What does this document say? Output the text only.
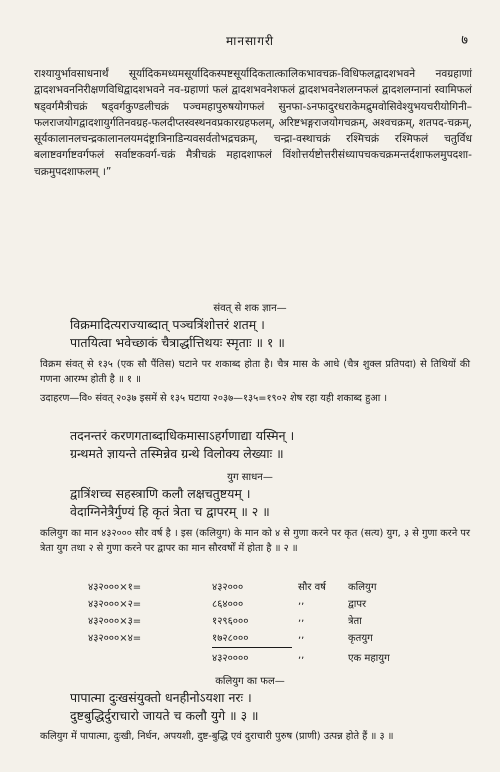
मानसागरी	७
राश्यायुर्भावसाधनार्थं सूर्यादिकमध्यमसूर्यादिकस्पष्टसूर्यादिकतात्कालिकभावचक्र-विधिफलद्वादशभवने नवग्रहाणां द्वादशभवननिरीक्षणविधिद्वादशभवने नव-ग्रहाणां फलं द्वादशभवनेशफलं द्वादशभवनेशलग्नफलं द्वादशलग्नानां स्वामिफलं षड्वर्गमैत्रीचक्रं षड्वर्गकुण्डलीचक्रं पञ्चमहापुरुषयोगफलं सुनफा-ऽनफादुरधराकेमद्रुमवोसिवेश्युभयचरीयोगिनी–फलराजयोगद्वादशायुर्गतिनवग्रह-फलदीप्तस्वस्थनवप्रकारग्रहफलम्, अरिष्टभङ्गराजयोगचक्रम्, अश्वचक्रम्, शतपद-चक्रम्, सूर्यकालानलचन्द्रकालानलयमदंष्ट्रात्रिनाडिन्यवसर्वतोभद्रचक्रम्, चन्द्रा-वस्थाचक्रं रश्मिचक्रं रश्मिफलं चतुर्विध बलाष्टवर्गाष्टवर्गफलं सर्वाष्टकवर्ग-चक्रं मैत्रीचक्रं महादशाफलं विंशोत्तर्यष्टोत्तरीसंध्यापचकचक्रमन्तर्दशाफलमुपदशा-चक्रमुपदशाफलम् ।”
संवत् से शक ज्ञान—
विक्रमादित्यराज्याब्दात् पञ्चत्रिंशोत्तरं शतम् ।
पातयित्वा भवेच्छाकं चैत्रार्द्धात्तिथयः स्मृताः ॥ १ ॥
विक्रम संवत् से १३५ (एक सौ पैंतिस) घटाने पर शकाब्द होता है। चैत्र मास के आधे (चैत्र शुक्ल प्रतिपदा) से तिथियों की गणना आरम्भ होती है ॥ १ ॥
उदाहरण—वि० संवत् २०३७ इसमें से १३५ घटाया २०३७—१३५=१९०२ शेष रहा यही शकाब्द हुआ ।
तदनन्तरं करणगताब्दाधिकमासाऽहर्गणाद्या यस्मिन् ।
ग्रन्थमते ज्ञायन्ते तस्मिन्नेव ग्रन्थे विलोक्य लेख्याः ॥
युग साधन—
द्वात्रिंशच्च सहस्त्राणि कलौ लक्षचतुष्टयम् ।
वेदाग्निनेत्रैर्गुण्यं हि कृतं त्रेता च द्वापरम् ॥ २ ॥
कलियुग का मान ४३२००० सौर वर्ष है । इस (कलियुग) के मान को ४ से गुणा करने पर कृत (सत्य) युग, ३ से गुणा करने पर त्रेता युग तथा २ से गुणा करने पर द्वापर का मान सौरवर्षों में होता है ॥ २ ॥
४३२०००×१=	४३२०००	सौर वर्ष कलियुग
४३२०००×२=	८६४०००	,,	द्वापर
४३२०००×३=	१२९६०००	,,	त्रेता
४३२०००×४=	१७२८०००	,,	कृतयुग
४३२००००	,,	एक महायुग
कलियुग का फल—
पापात्मा दुःखसंयुक्तो धनहीनोऽयशा नरः ।
दुष्टबुद्धिर्दुराचारो जायते च कलौ युगे ॥ ३ ॥
कलियुग में पापात्मा, दुःखी, निर्धन, अपयशी, दुष्ट-बुद्धि एवं दुराचारी पुरुष (प्राणी) उत्पन्न होते हैं ॥ ३ ॥
